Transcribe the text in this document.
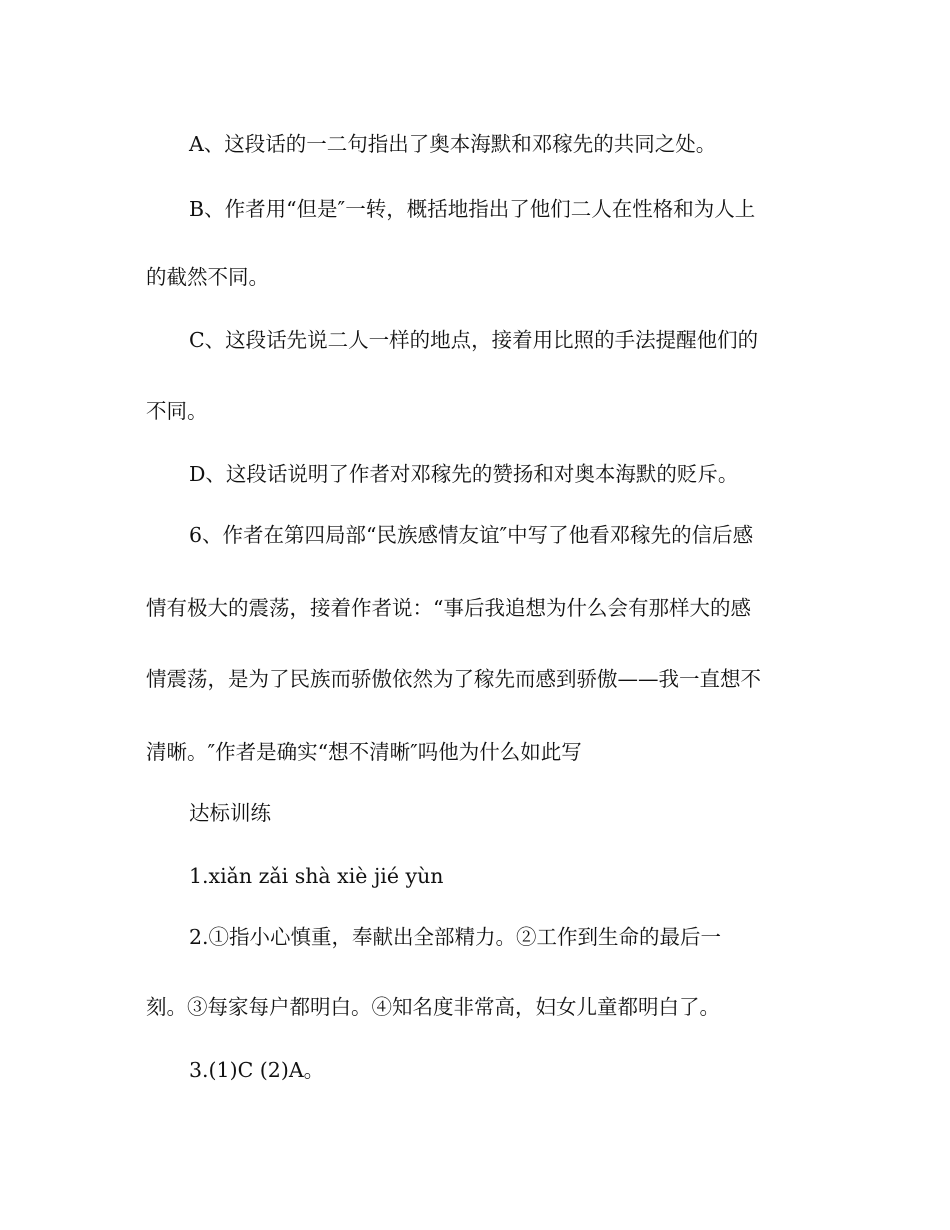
A、这段话的一二句指出了奥本海默和邓稼先的共同之处。
B、作者用“但是″一转，概括地指出了他们二人在性格和为人上
的截然不同。
C、这段话先说二人一样的地点，接着用比照的手法提醒他们的
不同。
D、这段话说明了作者对邓稼先的赞扬和对奥本海默的贬斥。
6、作者在第四局部“民族感情友谊″中写了他看邓稼先的信后感
情有极大的震荡，接着作者说：“事后我追想为什么会有那样大的感
情震荡，是为了民族而骄傲依然为了稼先而感到骄傲——我一直想不
清晰。″作者是确实“想不清晰″吗他为什么如此写
达标训练
1.xiǎn zǎi shà xiè jié yùn
2.①指小心慎重，奉献出全部精力。②工作到生命的最后一
刻。③每家每户都明白。④知名度非常高，妇女儿童都明白了。
3.(1)C (2)A。
